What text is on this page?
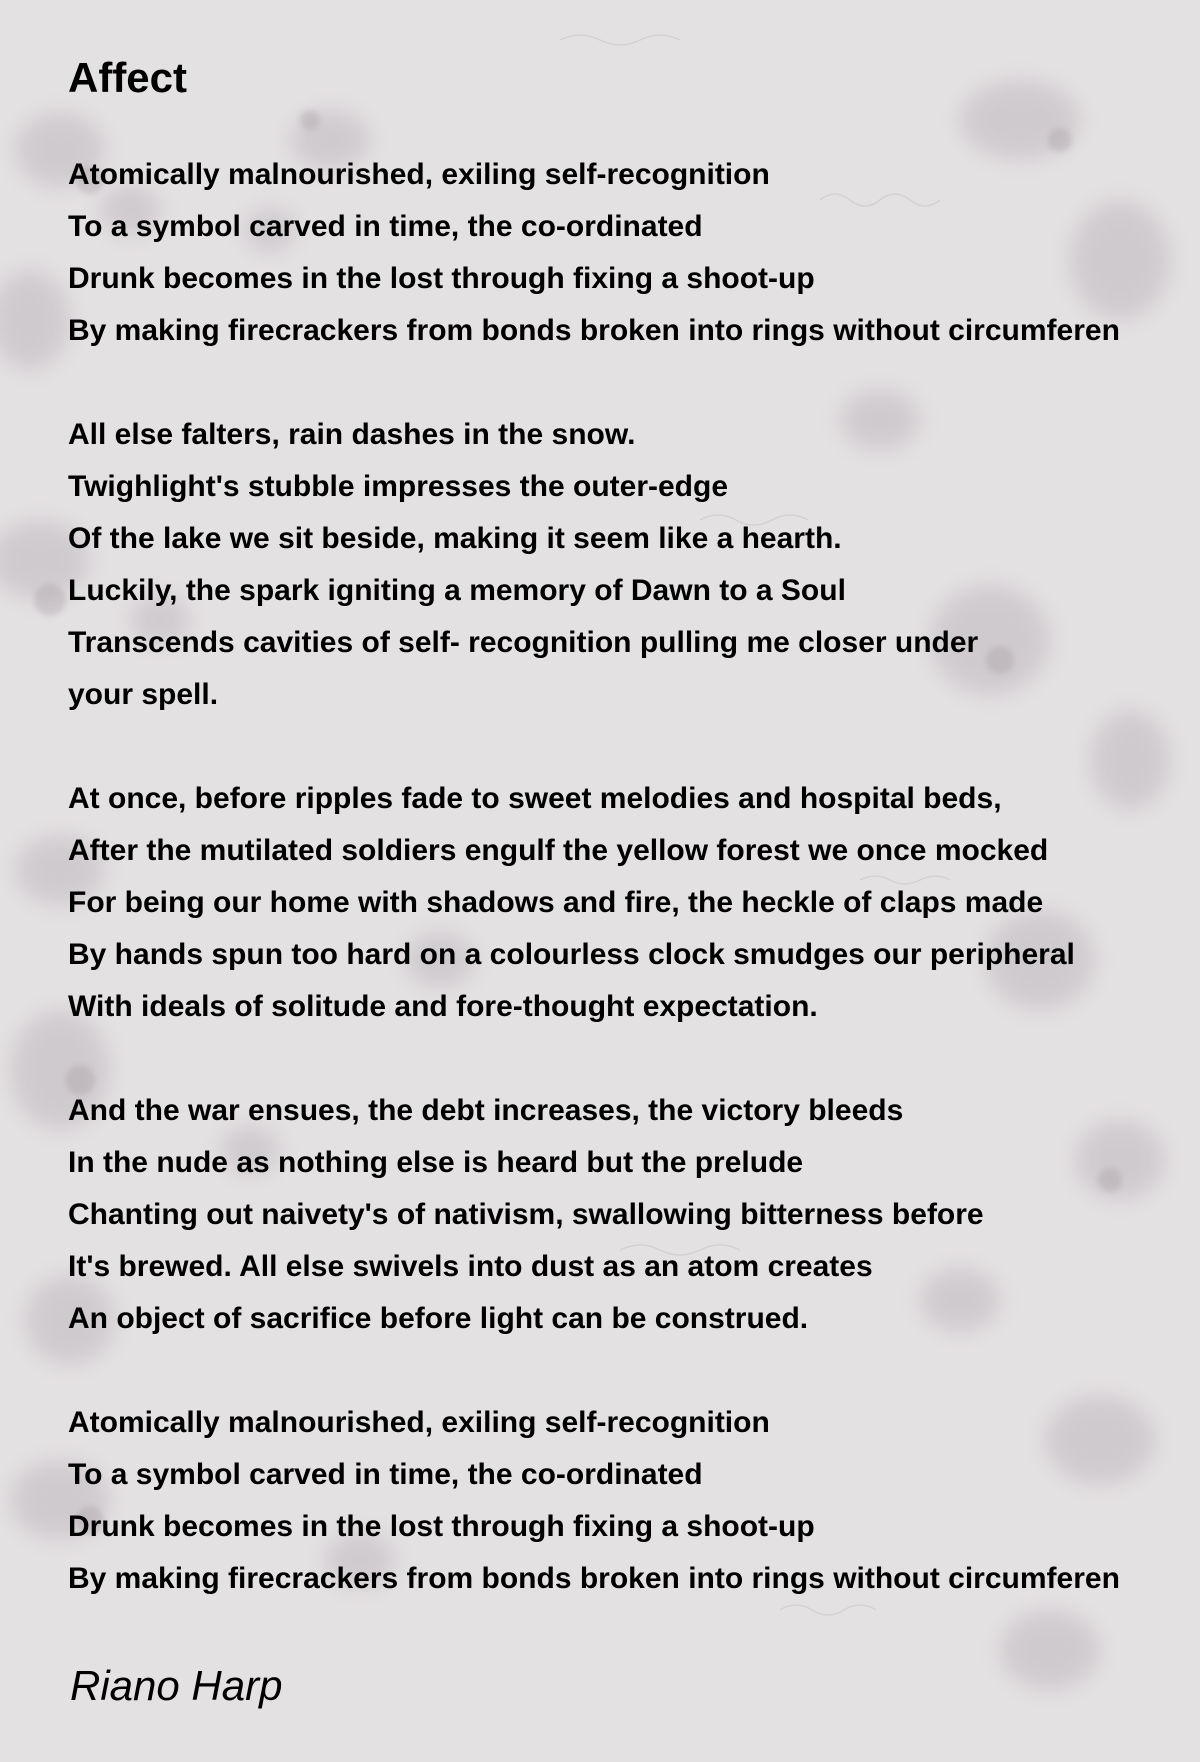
Affect
Atomically malnourished, exiling self-recognition
To a symbol carved in time, the co-ordinated
Drunk becomes in the lost through fixing a shoot-up
By making firecrackers from bonds broken into rings without circumferen
All else falters, rain dashes in the snow.
Twighlight's stubble impresses the outer-edge
Of the lake we sit beside, making it seem like a hearth.
Luckily, the spark igniting a memory of Dawn to a Soul
Transcends cavities of self- recognition pulling me closer under
your spell.
At once, before ripples fade to sweet melodies and hospital beds,
After the mutilated soldiers engulf the yellow forest we once mocked
For being our home with shadows and fire, the heckle of claps made
By hands spun too hard on a colourless clock smudges our peripheral
With ideals of solitude and fore-thought expectation.
And the war ensues, the debt increases, the victory bleeds
In the nude as nothing else is heard but the prelude
Chanting out naivety's of nativism, swallowing bitterness before
It's brewed. All else swivels into dust as an atom creates
An object of sacrifice before light can be construed.
Atomically malnourished, exiling self-recognition
To a symbol carved in time, the co-ordinated
Drunk becomes in the lost through fixing a shoot-up
By making firecrackers from bonds broken into rings without circumferen
Riano Harp
